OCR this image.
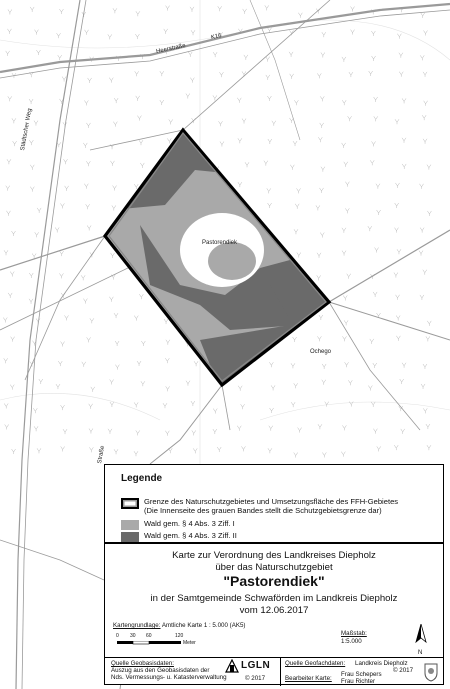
K16
Heerstraße
Städtscher Weg
Pastorendiek
Ochego
Straße
Legende
Grenze des Naturschutzgebietes und Umsetzungsfläche des FFH-Gebietes
(Die Innenseite des grauen Bandes stellt die Schutzgebietsgrenze dar)
Wald gem. § 4 Abs. 3 Ziff. I
Wald gem. § 4 Abs. 3 Ziff. II
Karte zur Verordnung des Landkreises Diepholz
über das Naturschutzgebiet
"Pastorendiek"
in der Samtgemeinde Schwaförden im Landkreis Diepholz
vom 12.06.2017
Kartengrundlage: Amtliche Karte 1 : 5.000 (AK5)
0 30 60	120
Meter
Maßstab:
1:5.000
N
Quelle Geobasisdaten:
Auszug aus den Geobasisdaten der
Nds. Vermessungs- u. Katasterverwaltung
LGLN
© 2017
Quelle Geofachdaten: Landkreis Diepholz
© 2017
Bearbeiter Karte:
Frau Schepers
Frau Richter
